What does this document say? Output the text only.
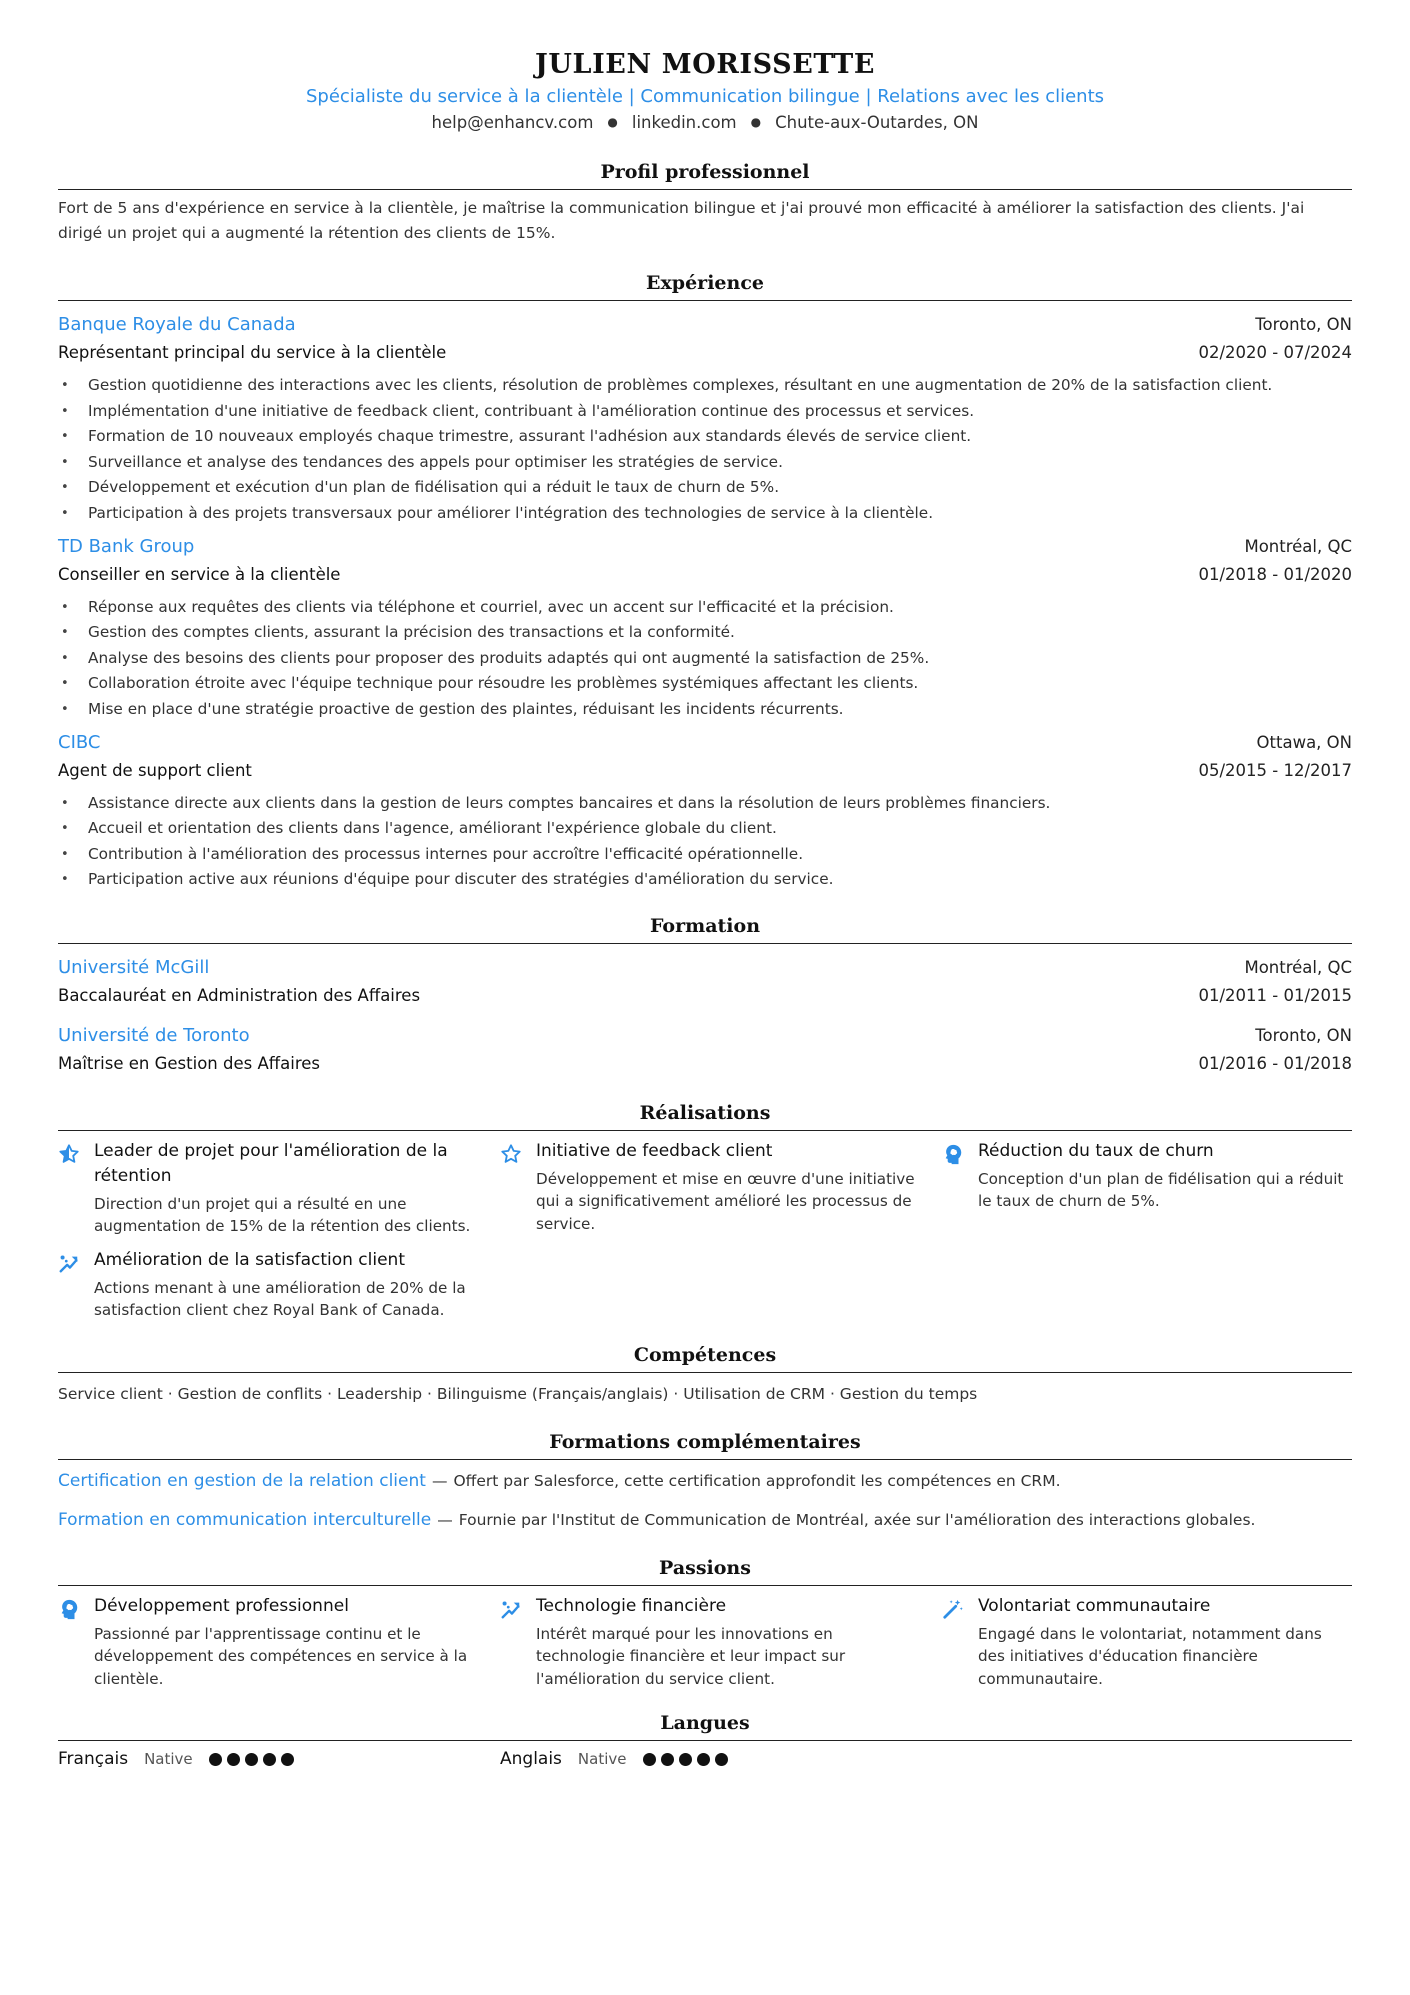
JULIEN MORISSETTE
Spécialiste du service à la clientèle | Communication bilingue | Relations avec les clients
help@enhancv.com ● linkedin.com ● Chute-aux-Outardes, ON
Profil professionnel

Fort de 5 ans d'expérience en service à la clientèle, je maîtrise la communication bilingue et j'ai prouvé mon efficacité à améliorer la satisfaction des clients. J'ai dirigé un projet qui a augmenté la rétention des clients de 15%.

Expérience
Banque Royale du Canada	Toronto, ON
Représentant principal du service à la clientèle	02/2020 - 07/2024
• Gestion quotidienne des interactions avec les clients, résolution de problèmes complexes, résultant en une augmentation de 20% de la satisfaction client.
• Implémentation d'une initiative de feedback client, contribuant à l'amélioration continue des processus et services.
• Formation de 10 nouveaux employés chaque trimestre, assurant l'adhésion aux standards élevés de service client.
• Surveillance et analyse des tendances des appels pour optimiser les stratégies de service.
• Développement et exécution d'un plan de fidélisation qui a réduit le taux de churn de 5%.
• Participation à des projets transversaux pour améliorer l'intégration des technologies de service à la clientèle.
TD Bank Group	Montréal, QC
Conseiller en service à la clientèle	01/2018 - 01/2020
• Réponse aux requêtes des clients via téléphone et courriel, avec un accent sur l'efficacité et la précision.
• Gestion des comptes clients, assurant la précision des transactions et la conformité.
• Analyse des besoins des clients pour proposer des produits adaptés qui ont augmenté la satisfaction de 25%.
• Collaboration étroite avec l'équipe technique pour résoudre les problèmes systémiques affectant les clients.
• Mise en place d'une stratégie proactive de gestion des plaintes, réduisant les incidents récurrents.
CIBC	Ottawa, ON
Agent de support client	05/2015 - 12/2017
• Assistance directe aux clients dans la gestion de leurs comptes bancaires et dans la résolution de leurs problèmes financiers.
• Accueil et orientation des clients dans l'agence, améliorant l'expérience globale du client.
• Contribution à l'amélioration des processus internes pour accroître l'efficacité opérationnelle.
• Participation active aux réunions d'équipe pour discuter des stratégies d'amélioration du service.
Formation
Université McGill	Montréal, QC
Baccalauréat en Administration des Affaires	01/2011 - 01/2015
Université de Toronto	Toronto, ON
Maîtrise en Gestion des Affaires	01/2016 - 01/2018
Réalisations
Leader de projet pour l'amélioration de la rétention
Direction d'un projet qui a résulté en une augmentation de 15% de la rétention des clients.
Initiative de feedback client
Développement et mise en œuvre d'une initiative qui a significativement amélioré les processus de service.
Réduction du taux de churn
Conception d'un plan de fidélisation qui a réduit le taux de churn de 5%.
Amélioration de la satisfaction client
Actions menant à une amélioration de 20% de la satisfaction client chez Royal Bank of Canada.
Compétences
Service client · Gestion de conflits · Leadership · Bilinguisme (Français/anglais) · Utilisation de CRM · Gestion du temps
Formations complémentaires
Certification en gestion de la relation client — Offert par Salesforce, cette certification approfondit les compétences en CRM.
Formation en communication interculturelle — Fournie par l'Institut de Communication de Montréal, axée sur l'amélioration des interactions globales.
Passions
Développement professionnel
Passionné par l'apprentissage continu et le développement des compétences en service à la clientèle.
Technologie financière
Intérêt marqué pour les innovations en technologie financière et leur impact sur l'amélioration du service client.
Volontariat communautaire
Engagé dans le volontariat, notamment dans des initiatives d'éducation financière communautaire.
Langues
Français Native	Anglais Native
